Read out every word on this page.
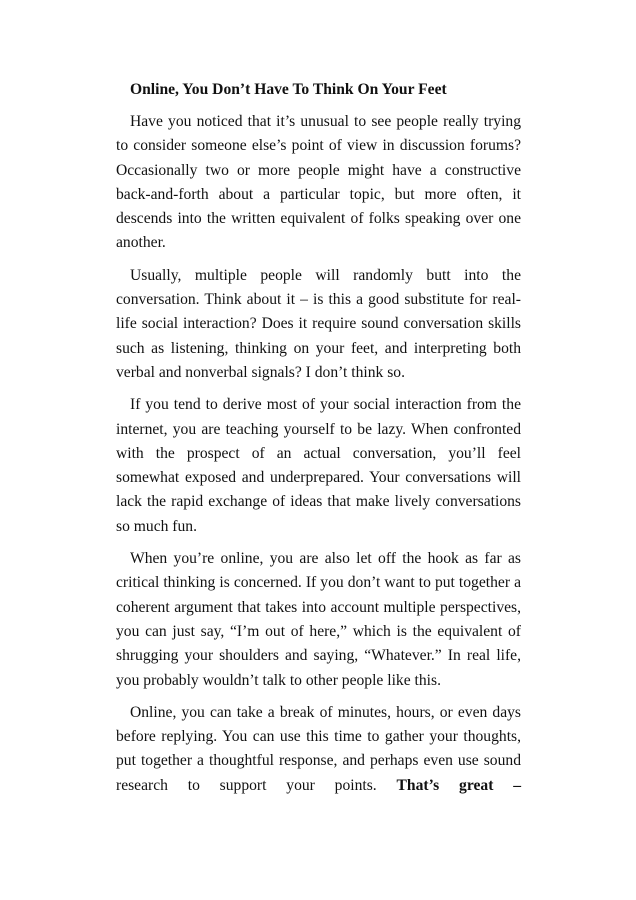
Online, You Don’t Have To Think On Your Feet

Have you noticed that it’s unusual to see people really trying to consider someone else’s point of view in discussion forums? Occasionally two or more people might have a constructive back-and-forth about a particular topic, but more often, it descends into the written equivalent of folks speaking over one another.

Usually, multiple people will randomly butt into the conversation. Think about it – is this a good substitute for real-life social interaction? Does it require sound conversation skills such as listening, thinking on your feet, and interpreting both verbal and nonverbal signals? I don’t think so.

If you tend to derive most of your social interaction from the internet, you are teaching yourself to be lazy. When confronted with the prospect of an actual conversation, you’ll feel somewhat exposed and underprepared. Your conversations will lack the rapid exchange of ideas that make lively conversations so much fun.

When you’re online, you are also let off the hook as far as critical thinking is concerned. If you don’t want to put together a coherent argument that takes into account multiple perspectives, you can just say, “I’m out of here,” which is the equivalent of shrugging your shoulders and saying, “Whatever.” In real life, you probably wouldn’t talk to other people like this.

Online, you can take a break of minutes, hours, or even days before replying. You can use this time to gather your thoughts, put together a thoughtful response, and perhaps even use sound research to support your points. That’s great –
